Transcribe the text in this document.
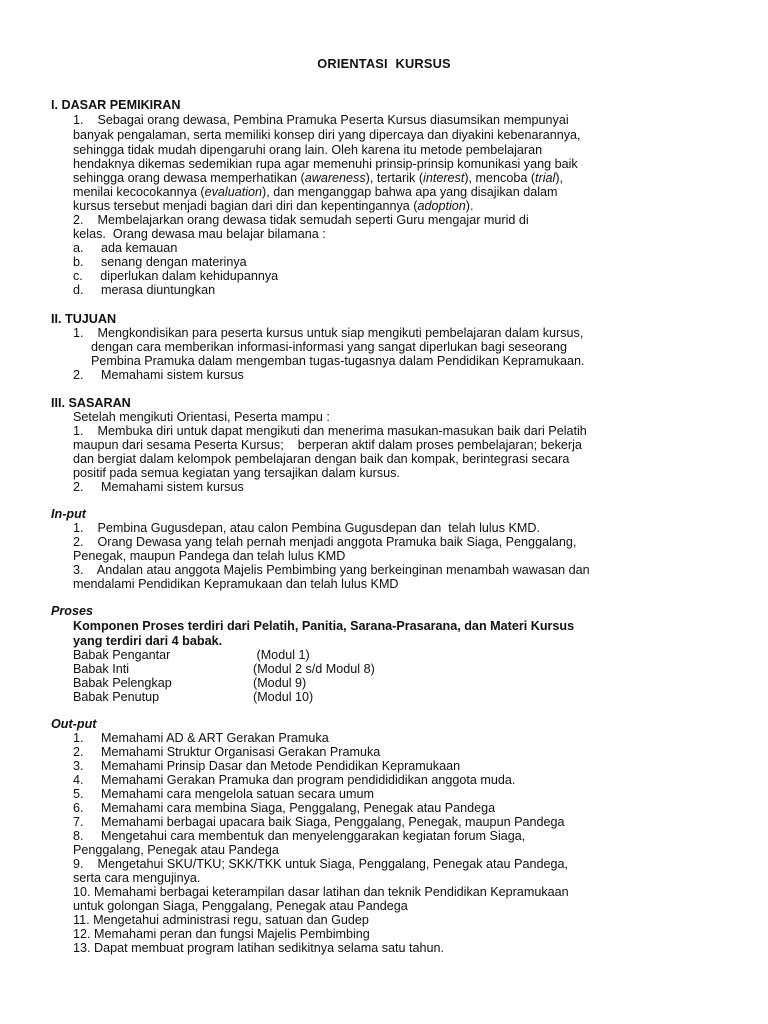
ORIENTASI KURSUS
I. DASAR PEMIKIRAN
1.    Sebagai orang dewasa, Pembina Pramuka Peserta Kursus diasumsikan mempunyai
banyak pengalaman, serta memiliki konsep diri yang dipercaya dan diyakini kebenarannya,
sehingga tidak mudah dipengaruhi orang lain. Oleh karena itu metode pembelajaran
hendaknya dikemas sedemikian rupa agar memenuhi prinsip-prinsip komunikasi yang baik
sehingga orang dewasa memperhatikan (awareness), tertarik (interest), mencoba (trial),
menilai kecocokannya (evaluation), dan menganggap bahwa apa yang disajikan dalam
kursus tersebut menjadi bagian dari diri dan kepentingannya (adoption).
2.    Membelajarkan orang dewasa tidak semudah seperti Guru mengajar murid di
kelas.  Orang dewasa mau belajar bilamana :
a.     ada kemauan
b.     senang dengan materinya
c.     diperlukan dalam kehidupannya
d.     merasa diuntungkan
II. TUJUAN
1.    Mengkondisikan para peserta kursus untuk siap mengikuti pembelajaran dalam kursus,
dengan cara memberikan informasi-informasi yang sangat diperlukan bagi seseorang
Pembina Pramuka dalam mengemban tugas-tugasnya dalam Pendidikan Kepramukaan.
2.     Memahami sistem kursus
III. SASARAN
Setelah mengikuti Orientasi, Peserta mampu :
1.    Membuka diri untuk dapat mengikuti dan menerima masukan-masukan baik dari Pelatih
maupun dari sesama Peserta Kursus;    berperan aktif dalam proses pembelajaran; bekerja
dan bergiat dalam kelompok pembelajaran dengan baik dan kompak, berintegrasi secara
positif pada semua kegiatan yang tersajikan dalam kursus.
2.     Memahami sistem kursus
In-put
1.    Pembina Gugusdepan, atau calon Pembina Gugusdepan dan  telah lulus KMD.
2.    Orang Dewasa yang telah pernah menjadi anggota Pramuka baik Siaga, Penggalang,
Penegak, maupun Pandega dan telah lulus KMD
3.    Andalan atau anggota Majelis Pembimbing yang berkeinginan menambah wawasan dan
mendalami Pendidikan Kepramukaan dan telah lulus KMD
Proses
Komponen Proses terdiri dari Pelatih, Panitia, Sarana-Prasarana, dan Materi Kursus
yang terdiri dari 4 babak.
Babak Pengantar	(Modul 1)
Babak Inti	(Modul 2 s/d Modul 8)
Babak Pelengkap	(Modul 9)
Babak Penutup	(Modul 10)
Out-put
1.     Memahami AD & ART Gerakan Pramuka
2.     Memahami Struktur Organisasi Gerakan Pramuka
3.     Memahami Prinsip Dasar dan Metode Pendidikan Kepramukaan
4.     Memahami Gerakan Pramuka dan program pendidididikan anggota muda.
5.     Memahami cara mengelola satuan secara umum
6.     Memahami cara membina Siaga, Penggalang, Penegak atau Pandega
7.     Memahami berbagai upacara baik Siaga, Penggalang, Penegak, maupun Pandega
8.     Mengetahui cara membentuk dan menyelenggarakan kegiatan forum Siaga,
Penggalang, Penegak atau Pandega
9.    Mengetahui SKU/TKU; SKK/TKK untuk Siaga, Penggalang, Penegak atau Pandega,
serta cara mengujinya.
10. Memahami berbagai keterampilan dasar latihan dan teknik Pendidikan Kepramukaan
untuk golongan Siaga, Penggalang, Penegak atau Pandega
11. Mengetahui administrasi regu, satuan dan Gudep
12. Memahami peran dan fungsi Majelis Pembimbing
13. Dapat membuat program latihan sedikitnya selama satu tahun.
